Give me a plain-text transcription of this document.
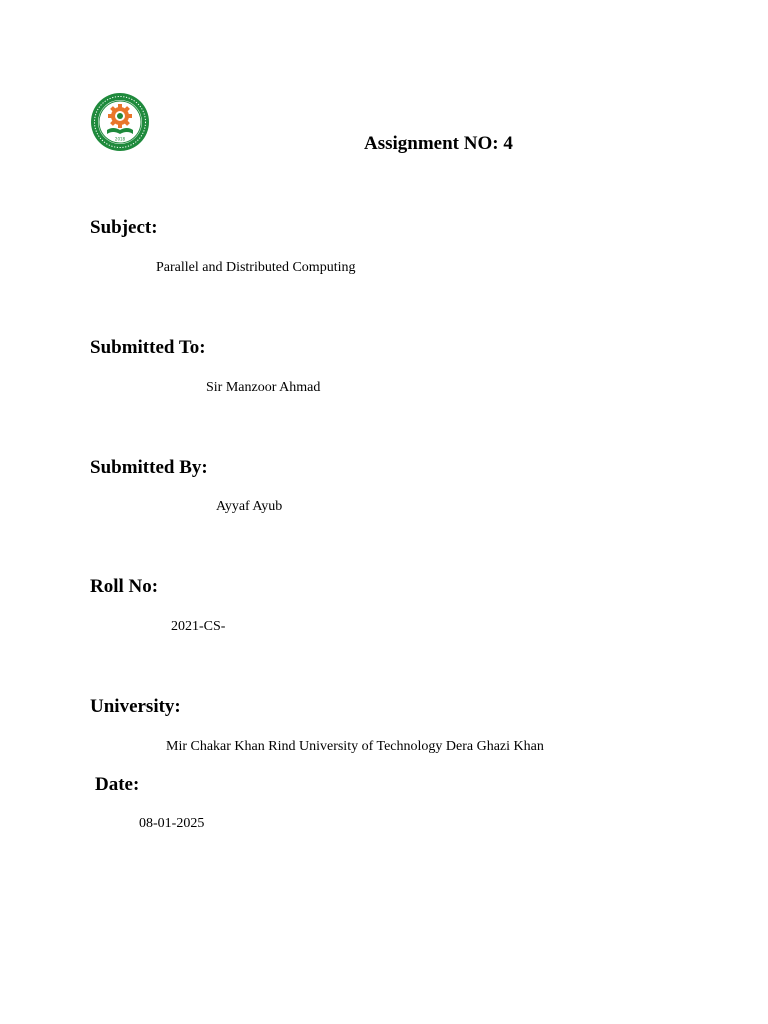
2018	Assignment NO: 4
Subject:
Parallel and Distributed Computing
Submitted To:
Sir Manzoor Ahmad
Submitted By:
Ayyaf Ayub
Roll No:
2021-CS-
University:
Mir Chakar Khan Rind University of Technology Dera Ghazi Khan
Date:
08-01-2025
